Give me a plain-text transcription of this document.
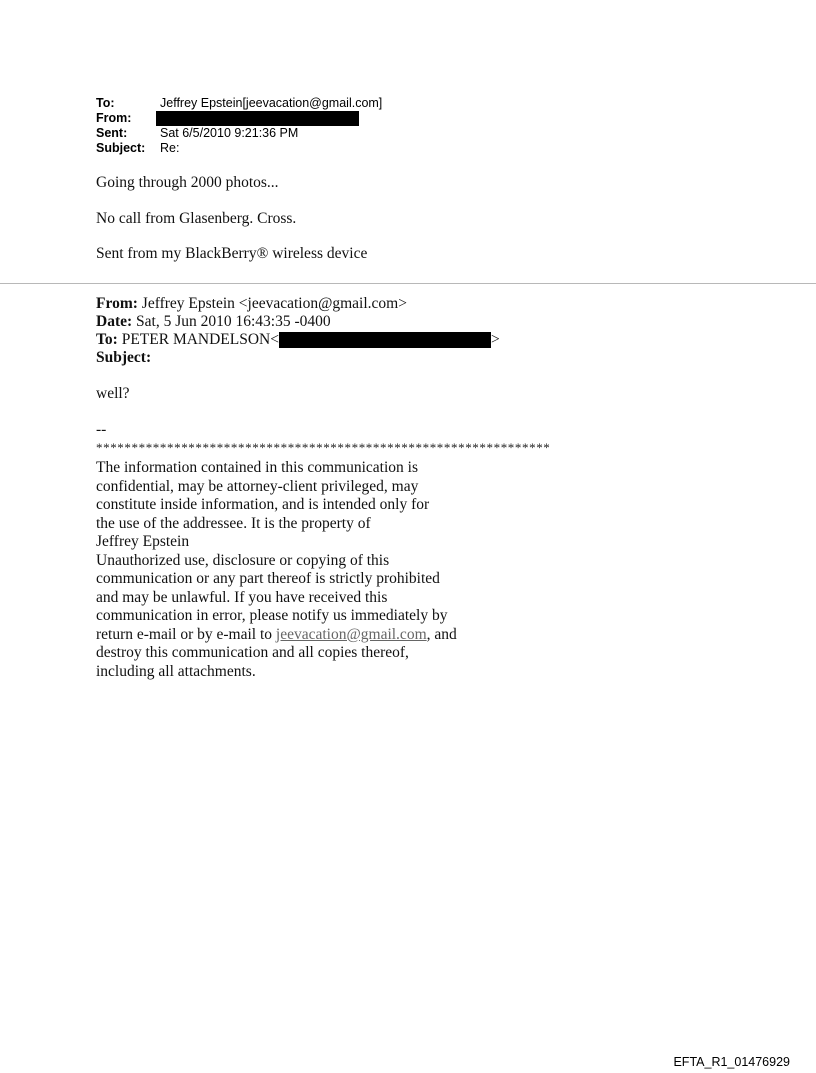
To:	Jeffrey Epstein[jeevacation@gmail.com]
From:
Sent:	Sat 6/5/2010 9:21:36 PM
Subject:	Re:

Going through 2000 photos...

No call from Glasenberg. Cross.

Sent from my BlackBerry® wireless device

From:
Jeffrey Epstein <jeevacation@gmail.com>
Date:
Sat, 5 Jun 2010 16:43:35 -0400
To:
PETER MANDELSON<	>
Subject:

well?

--

****************************************************************
The information contained in this communication is
confidential, may be attorney-client privileged, may
constitute inside information, and is intended only for
the use of the addressee. It is the property of
Jeffrey Epstein
Unauthorized use, disclosure or copying of this
communication or any part thereof is strictly prohibited
and may be unlawful. If you have received this
communication in error, please notify us immediately by
return e-mail or by e-mail to jeevacation@gmail.com, and
destroy this communication and all copies thereof,
including all attachments.
EFTA_R1_01476929
